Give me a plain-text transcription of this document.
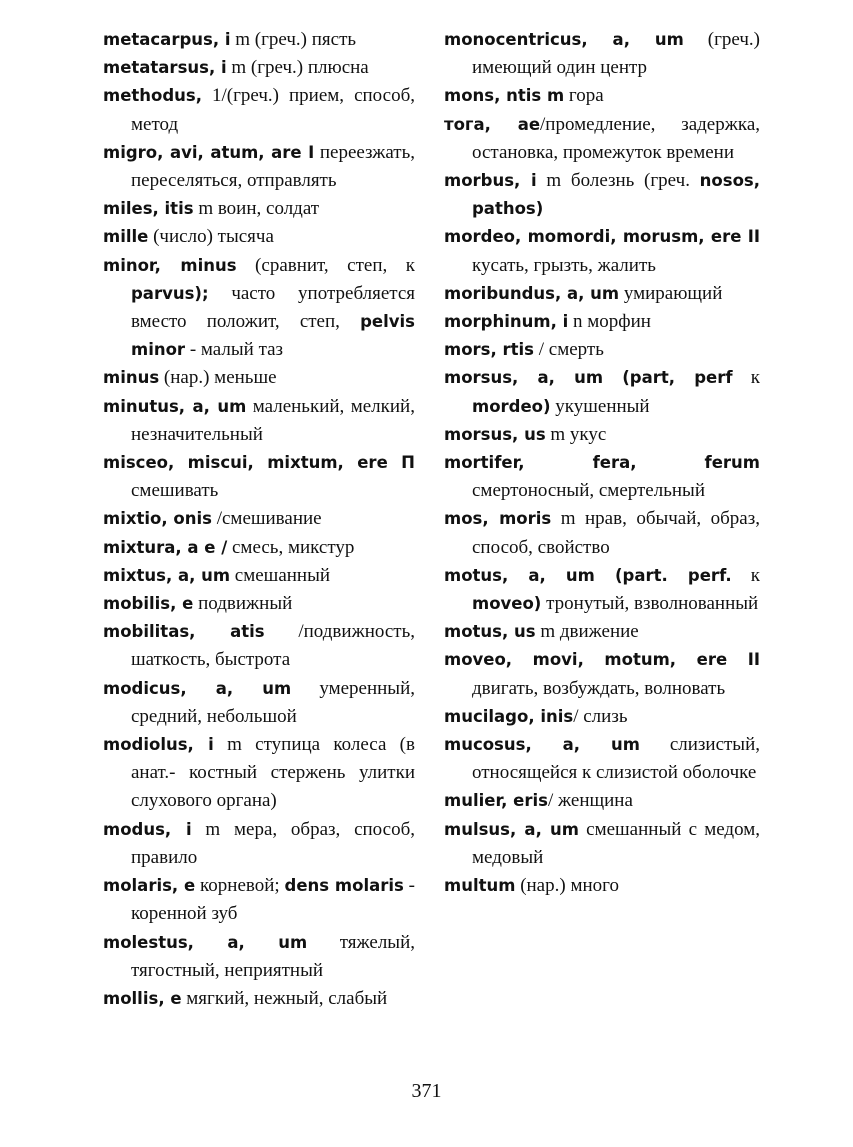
metacarpus, i m (греч.) пясть

metatarsus, i m (греч.) плюсна

methodus, 1/(греч.) прием, способ, метод

migro, avi, atum, are I переезжать, переселяться, отправлять

miles, itis m воин, солдат

mille (число) тысяча

minor, minus (сравнит, степ, к parvus); часто употребляется вместо положит, степ, pelvis minor - малый таз

minus (нар.) меньше

minutus, a, um маленький, мелкий, незначительный

misceo, miscui, mixtum, ere П смешивать

mixtio, onis /смешивание

mixtura, a e / смесь, микстур

mixtus, a, um смешанный

mobilis, e подвижный

mobilitas, atis /подвижность, шаткость, быстрота

modicus, a, um умеренный, средний, небольшой

modiolus, i m ступица колеса (в анат.- костный стержень улитки слухового органа)

modus, i m мера, образ, способ, правило

molaris, e корневой; dens molaris - коренной зуб

molestus, a, um тяжелый, тягостный, неприятный

mollis, e мягкий, нежный, слабый

monocentricus, a, um (греч.) имеющий один центр

mons, ntis m гора

тога, ae/промедление, задержка, остановка, промежуток времени

morbus, i m болезнь (греч. nosos, pathos)

mordeo, momordi, morusm, ere II кусать, грызть, жалить

moribundus, a, um умирающий

morphinum, i n морфин

mors, rtis / смерть

morsus, a, um (part, perf к mordeo) укушенный

morsus, us m укус

mortifer, fera, ferum смертоносный, смертельный

mos, moris m нрав, обычай, образ, способ, свойство

motus, a, um (part. perf. к moveo) тронутый, взволнованный

motus, us m движение

moveo, movi, motum, ere II двигать, возбуждать, волновать

mucilago, inis/ слизь

mucosus, a, um слизистый, относящейся к слизистой оболочке

mulier, eris/ женщина

mulsus, a, um смешанный с медом, медовый

multum (нар.) много

371
